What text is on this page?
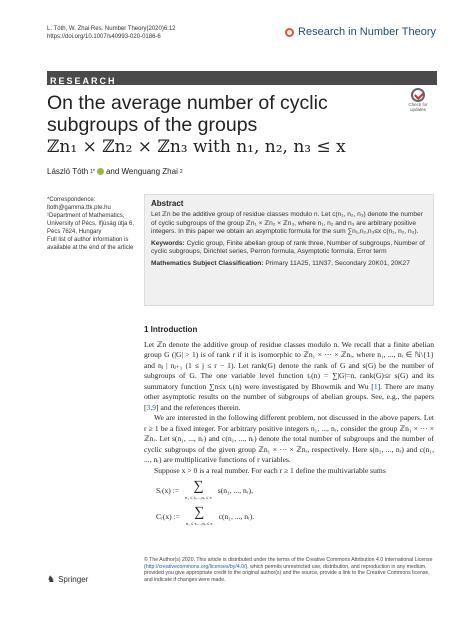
L. Tóth, W. Zhai Res. Number Theory(2020)6:12
https://doi.org/10.1007/s40993-020-0186-6	Research in Number Theory
RESEARCH
Check for
updates
On the average number of cyclic
subgroups of the groups
ℤn₁ × ℤn₂ × ℤn₃ with n₁, n₂, n₃ ≤ x
László Tóth 1* and Wenguang Zhai 2
*Correspondence:
ltoth@gamma.ttk.pte.hu
¹Department of Mathematics, University of Pécs, Ifjúság útja 6, Pécs 7624, Hungary
Full list of author information is available at the end of the article
Abstract

Let ℤn be the additive group of residue classes modulo n. Let c(n₁, n₂, n₃) denote the number of cyclic subgroups of the group ℤn₁ × ℤn₂ × ℤn₃, where n₁, n₂ and n₃ are arbitrary positive integers. In this paper we obtain an asymptotic formula for the sum ∑n₁,n₂,n₃≤x c(n₁, n₂, n₃).

Keywords: Cyclic group, Finite abelian group of rank three, Number of subgroups, Number of cyclic subgroups, Dirichlet series, Perron formula, Asymptotic formula, Error term

Mathematics Subject Classification: Primary 11A25, 11N37, Secondary 20K01, 20K27

1 Introduction

Let ℤn denote the additive group of residue classes modulo n. We recall that a finite abelian group G (|G| > 1) is of rank r if it is isomorphic to ℤn₁ × ··· × ℤnᵣ, where n₁, ..., nᵣ ∈ ℕ\{1} and nⱼ | nⱼ₊₁ (1 ≤ j ≤ r − 1). Let rank(G) denote the rank of G and s(G) be the number of subgroups of G. The one variable level function tᵣ(n) = ∑|G|=n, rank(G)≤r s(G) and its summatory function ∑n≤x tᵣ(n) were investigated by Bhowmik and Wu [1]. There are many other asymptotic results on the number of subgroups of abelian groups. See, e.g., the papers [3,9] and the references therein.

We are interested in the following different problem, not discussed in the above papers. Let r ≥ 1 be a fixed integer. For arbitrary positive integers n₁, ..., nᵣ, consider the group ℤn₁ × ··· × ℤnᵣ. Let s(n₁, ..., nᵣ) and c(n₁, ..., nᵣ) denote the total number of subgroups and the number of cyclic subgroups of the given group ℤn₁ × ··· × ℤnᵣ, respectively. Here s(n₁, ..., nᵣ) and c(n₁, ..., nᵣ) are multiplicative functions of r variables.

Suppose x > 0 is a real number. For each r ≥ 1 define the multivariable sums

Sᵣ(x) := ∑
n₁ ≤ x,...,nᵣ ≤ x
s(n₁, ..., nᵣ),
Cᵣ(x) := ∑
n₁ ≤ x,...,nᵣ ≤ x
c(n₁, ..., nᵣ).
© The Author(s) 2020. This article is distributed under the terms of the Creative Commons Attribution 4.0 International License (http://creativecommons.org/licenses/by/4.0/), which permits unrestricted use, distribution, and reproduction in any medium, provided you give appropriate credit to the original author(s) and the source, provide a link to the Creative Commons license, and indicate if changes were made.
♞ Springer
